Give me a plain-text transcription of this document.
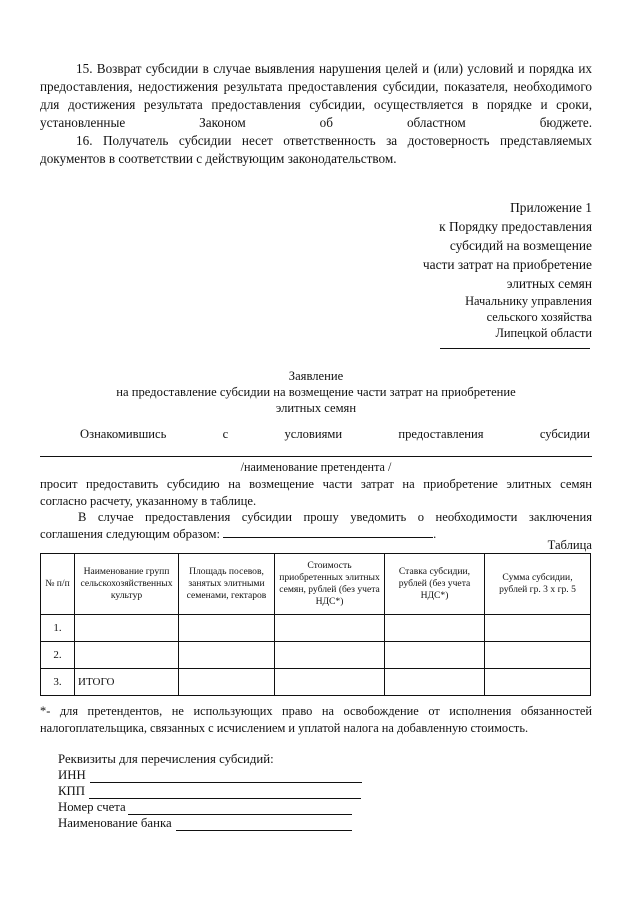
15. Возврат субсидии в случае выявления нарушения целей и (или) условий и порядка их предоставления, недостижения результата предоставления субсидии, показателя, необходимого для достижения результата предоставления субсидии, осуществляется в порядке и сроки, установленные Законом об областном бюджете.
16. Получатель субсидии несет ответственность за достоверность представляемых документов в соответствии с действующим законодательством.
Приложение 1
к Порядку предоставления
субсидий на возмещение
части затрат на приобретение
элитных семян
Начальнику управления
сельского хозяйства
Липецкой области
Заявление
на предоставление субсидии на возмещение части затрат на приобретение
элитных семян
Ознакомившись	с	условиями	предоставления	субсидии
/наименование претендента /
просит предоставить субсидию на возмещение части затрат на приобретение элитных семян
согласно расчету, указанному в таблице.
В случае предоставления субсидии прошу уведомить о необходимости заключения
соглашения следующим образом:	.
Таблица
№ п/п	Наименование групп сельскохозяйственных культур	Площадь посевов, занятых элитными семенами, гектаров	Стоимость приобретенных элитных семян, рублей (без учета НДС*)	Ставка субсидии, рублей (без учета НДС*)	Сумма субсидии, рублей гр. 3 х гр. 5
1.					
2.					
3.	ИТОГО				
*- для претендентов, не использующих право на освобождение от исполнения обязанностей налогоплательщика, связанных с исчислением и уплатой налога на добавленную стоимость.
Реквизиты для перечисления субсидий:
ИНН
КПП
Номер счета
Наименование банка
